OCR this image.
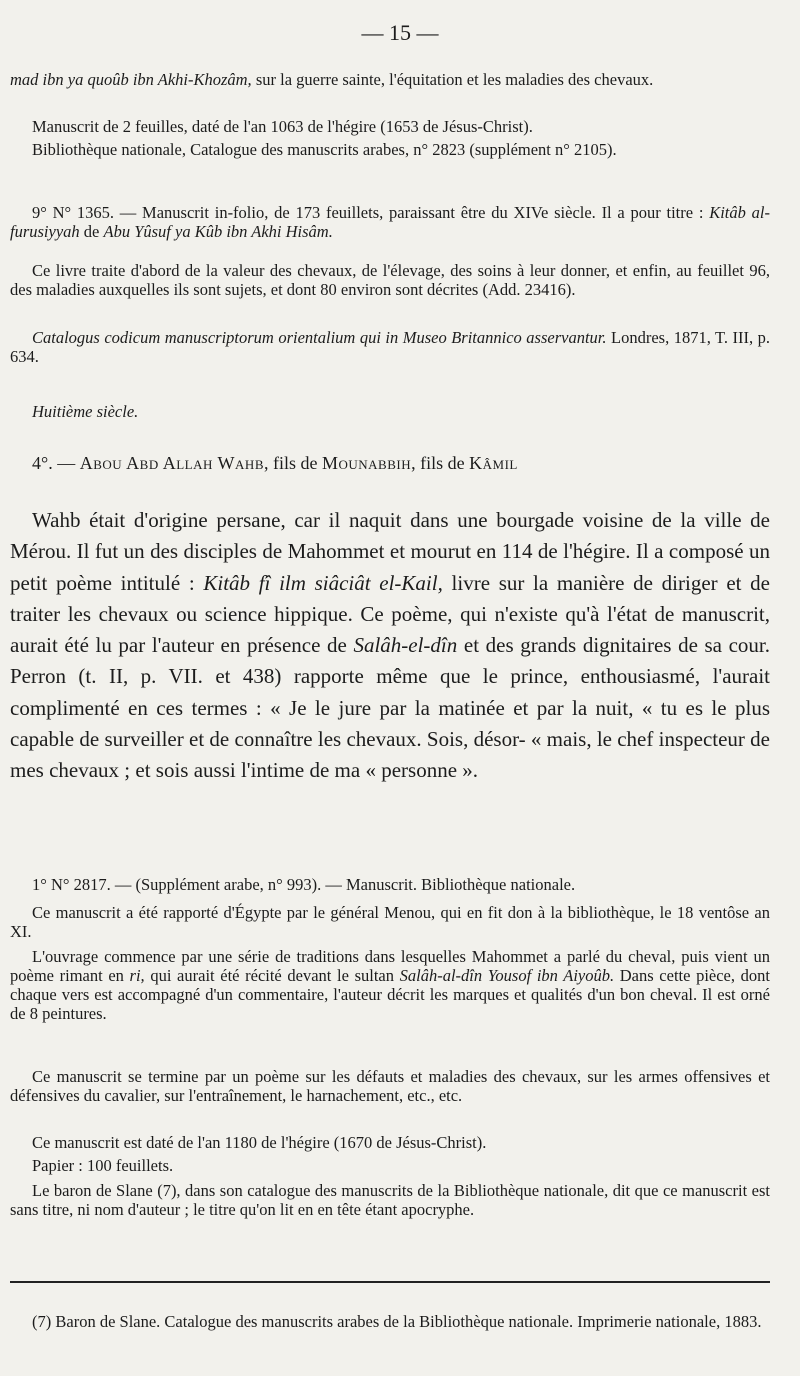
— 15 —

mad ibn ya quoûb ibn Akhi-Khozâm, sur la guerre sainte, l'équitation et les maladies des chevaux.

Manuscrit de 2 feuilles, daté de l'an 1063 de l'hégire (1653 de Jésus-Christ).

Bibliothèque nationale, Catalogue des manuscrits arabes, n° 2823 (supplément n° 2105).

9° N° 1365. — Manuscrit in-folio, de 173 feuillets, paraissant être du XIVe siècle. Il a pour titre : Kitâb al-furusiyyah de Abu Yûsuf ya Kûb ibn Akhi Hisâm.

Ce livre traite d'abord de la valeur des chevaux, de l'élevage, des soins à leur donner, et enfin, au feuillet 96, des maladies auxquelles ils sont sujets, et dont 80 environ sont décrites (Add. 23416).

Catalogus codicum manuscriptorum orientalium qui in Museo Britannico asservantur. Londres, 1871, T. III, p. 634.

Huitième siècle.

4°. — Abou Abd Allah Wahb, fils de Mounabbih, fils de Kâmil

Wahb était d'origine persane, car il naquit dans une bourgade voisine de la ville de Mérou. Il fut un des disciples de Mahommet et mourut en 114 de l'hégire. Il a composé un petit poème intitulé : Kitâb fî ilm siâciât el-Kail, livre sur la manière de diriger et de traiter les chevaux ou science hippique. Ce poème, qui n'existe qu'à l'état de manuscrit, aurait été lu par l'auteur en présence de Salâh-el-dîn et des grands dignitaires de sa cour. Perron (t. II, p. VII. et 438) rapporte même que le prince, enthousiasmé, l'aurait complimenté en ces termes : « Je le jure par la matinée et par la nuit, « tu es le plus capable de surveiller et de connaître les chevaux. Sois, désor- « mais, le chef inspecteur de mes chevaux ; et sois aussi l'intime de ma « personne ».

1° N° 2817. — (Supplément arabe, n° 993). — Manuscrit. Bibliothèque nationale.

Ce manuscrit a été rapporté d'Égypte par le général Menou, qui en fit don à la bibliothèque, le 18 ventôse an XI.

L'ouvrage commence par une série de traditions dans lesquelles Mahommet a parlé du cheval, puis vient un poème rimant en ri, qui aurait été récité devant le sultan Salâh-al-dîn Yousof ibn Aiyoûb. Dans cette pièce, dont chaque vers est accompagné d'un commentaire, l'auteur décrit les marques et qualités d'un bon cheval. Il est orné de 8 peintures.

Ce manuscrit se termine par un poème sur les défauts et maladies des chevaux, sur les armes offensives et défensives du cavalier, sur l'entraînement, le harnachement, etc., etc.

Ce manuscrit est daté de l'an 1180 de l'hégire (1670 de Jésus-Christ).

Papier : 100 feuillets.

Le baron de Slane (7), dans son catalogue des manuscrits de la Bibliothèque nationale, dit que ce manuscrit est sans titre, ni nom d'auteur ; le titre qu'on lit en en tête étant apocryphe.

(7) Baron de Slane. Catalogue des manuscrits arabes de la Bibliothèque nationale. Imprimerie nationale, 1883.
